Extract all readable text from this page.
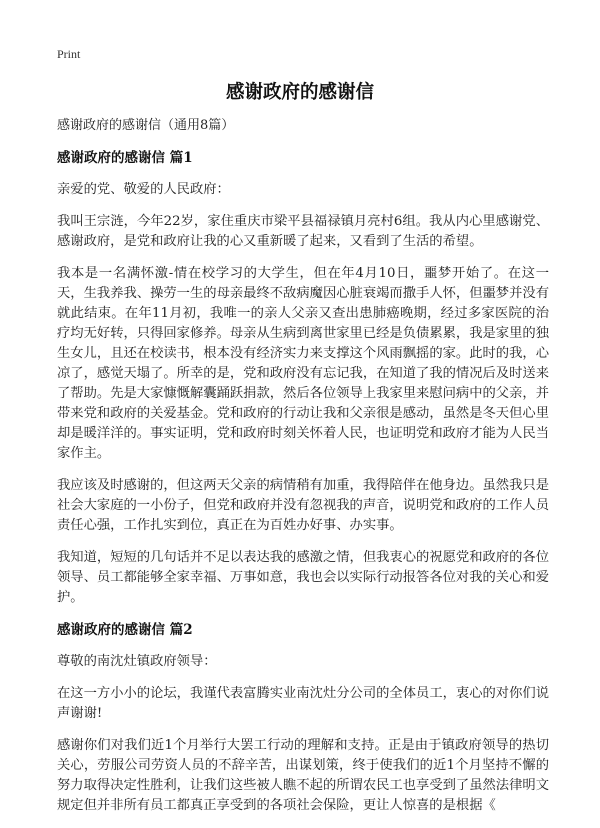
Print
感谢政府的感谢信
感谢政府的感谢信（通用8篇）
感谢政府的感谢信 篇1

亲爱的党、敬爱的人民政府：

我叫王宗涟，今年22岁，家住重庆市梁平县福禄镇月亮村6组。我从内心里感谢党、感谢政府，是党和政府让我的心又重新暖了起来，又看到了生活的希望。

我本是一名满怀激-情在校学习的大学生，但在年4月10日，噩梦开始了。在这一天，生我养我、操劳一生的母亲最终不敌病魔因心脏衰竭而撒手人怀，但噩梦并没有就此结束。在年11月初，我唯一的亲人父亲又查出患肺癌晚期，经过多家医院的治疗均无好转，只得回家修养。母亲从生病到离世家里已经是负债累累，我是家里的独生女儿，且还在校读书，根本没有经济实力来支撑这个风雨飘摇的家。此时的我，心凉了，感觉天塌了。所幸的是，党和政府没有忘记我，在知道了我的情况后及时送来了帮助。先是大家慷慨解囊踊跃捐款，然后各位领导上我家里来慰问病中的父亲，并带来党和政府的关爱基金。党和政府的行动让我和父亲很是感动，虽然是冬天但心里却是暖洋洋的。事实证明，党和政府时刻关怀着人民，也证明党和政府才能为人民当家作主。

我应该及时感谢的，但这两天父亲的病情稍有加重，我得陪伴在他身边。虽然我只是社会大家庭的一小份子，但党和政府并没有忽视我的声音，说明党和政府的工作人员责任心强，工作扎实到位，真正在为百姓办好事、办实事。

我知道，短短的几句话并不足以表达我的感激之情，但我衷心的祝愿党和政府的各位领导、员工都能够全家幸福、万事如意，我也会以实际行动报答各位对我的关心和爱护。

感谢政府的感谢信 篇2

尊敬的南沈灶镇政府领导：

在这一方小小的论坛，我谨代表富腾实业南沈灶分公司的全体员工，衷心的对你们说声谢谢!

感谢你们对我们近1个月举行大罢工行动的理解和支持。正是由于镇政府领导的热切关心，劳服公司劳资人员的不辞辛苦，出谋划策，终于使我们的近1个月坚持不懈的努力取得决定性胜利，让我们这些被人瞧不起的所谓农民工也享受到了虽然法律明文规定但并非所有员工都真正享受到的各项社会保险，更让人惊喜的是根据《
